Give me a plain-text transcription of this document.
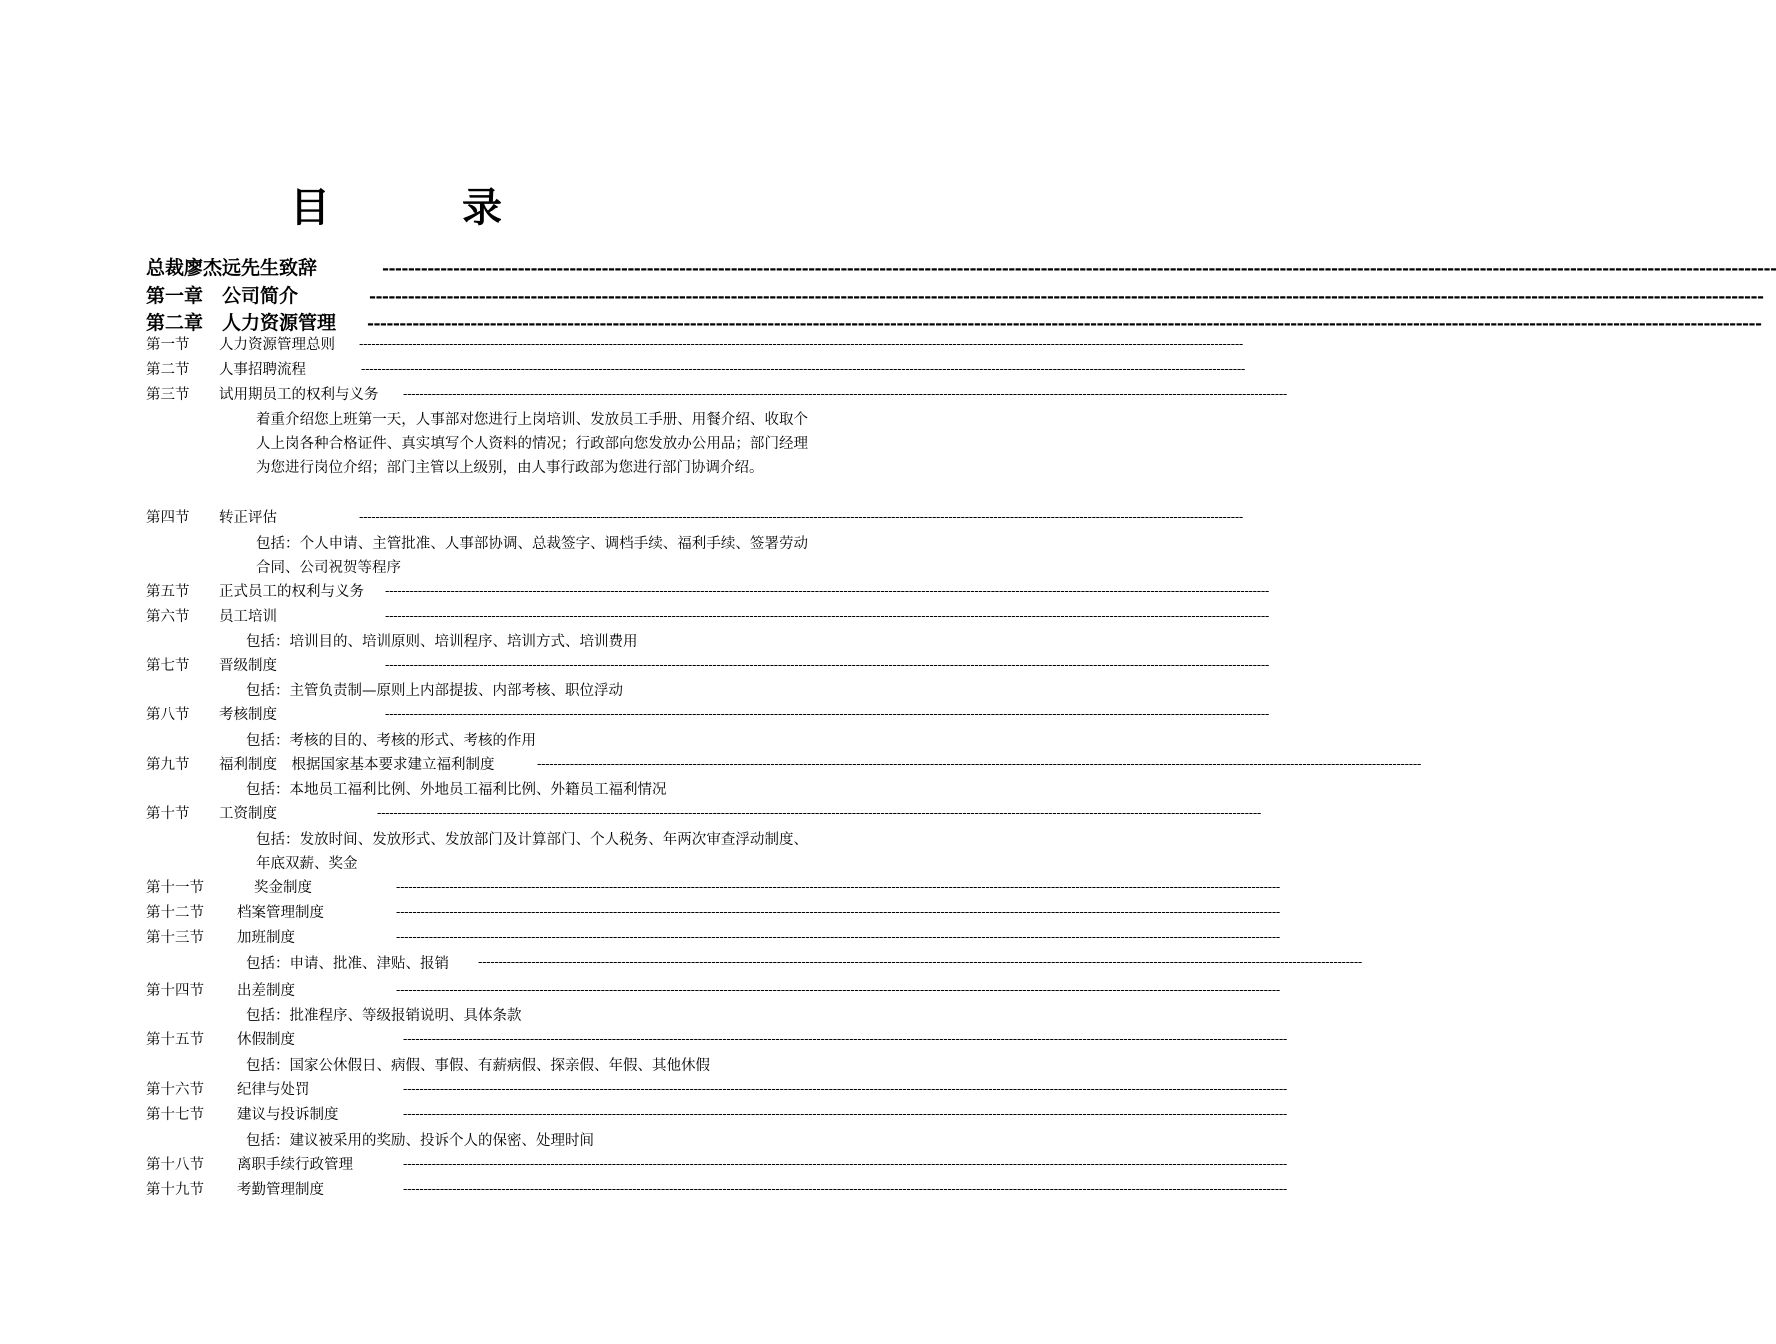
目　录
总裁廖杰远先生致辞	------------------------------------------------------------------------------------------------------------------------------------------------------------------------------------------------------------------------
第一章　公司简介	------------------------------------------------------------------------------------------------------------------------------------------------------------------------------------------------------------------------
第二章　人力资源管理 ------------------------------------------------------------------------------------------------------------------------------------------------------------------------------------------------------------------------
第一节 人力资源管理总则 ------------------------------------------------------------------------------------------------------------------------------------------------------------------------------------------------------------------------
第二节 人事招聘流程	------------------------------------------------------------------------------------------------------------------------------------------------------------------------------------------------------------------------
第三节 试用期员工的权利与义务 ------------------------------------------------------------------------------------------------------------------------------------------------------------------------------------------------------------------------
着重介绍您上班第一天，人事部对您进行上岗培训、发放员工手册、用餐介绍、收取个人上岗各种合格证件、真实填写个人资料的情况；行政部向您发放办公用品；部门经理为您进行岗位介绍；部门主管以上级别，由人事行政部为您进行部门协调介绍。
第四节 转正评估	------------------------------------------------------------------------------------------------------------------------------------------------------------------------------------------------------------------------
包括：个人申请、主管批准、人事部协调、总裁签字、调档手续、福利手续、签署劳动合同、公司祝贺等程序
第五节 正式员工的权利与义务 ------------------------------------------------------------------------------------------------------------------------------------------------------------------------------------------------------------------------
第六节 员工培训	------------------------------------------------------------------------------------------------------------------------------------------------------------------------------------------------------------------------
包括：培训目的、培训原则、培训程序、培训方式、培训费用
第七节 晋级制度	------------------------------------------------------------------------------------------------------------------------------------------------------------------------------------------------------------------------
包括：主管负责制—原则上内部提拔、内部考核、职位浮动
第八节 考核制度	------------------------------------------------------------------------------------------------------------------------------------------------------------------------------------------------------------------------
包括：考核的目的、考核的形式、考核的作用
第九节 福利制度　根据国家基本要求建立福利制度	------------------------------------------------------------------------------------------------------------------------------------------------------------------------------------------------------------------------
包括：本地员工福利比例、外地员工福利比例、外籍员工福利情况
第十节 工资制度	------------------------------------------------------------------------------------------------------------------------------------------------------------------------------------------------------------------------
包括：发放时间、发放形式、发放部门及计算部门、个人税务、年两次审查浮动制度、年底双薪、奖金
第十一节	奖金制度	------------------------------------------------------------------------------------------------------------------------------------------------------------------------------------------------------------------------
第十二节 档案管理制度	------------------------------------------------------------------------------------------------------------------------------------------------------------------------------------------------------------------------
第十三节 加班制度	------------------------------------------------------------------------------------------------------------------------------------------------------------------------------------------------------------------------
包括：申请、批准、津贴、报销 ------------------------------------------------------------------------------------------------------------------------------------------------------------------------------------------------------------------------
第十四节 出差制度	------------------------------------------------------------------------------------------------------------------------------------------------------------------------------------------------------------------------
包括：批准程序、等级报销说明、具体条款
第十五节 休假制度	------------------------------------------------------------------------------------------------------------------------------------------------------------------------------------------------------------------------
包括：国家公休假日、病假、事假、有薪病假、探亲假、年假、其他休假
第十六节 纪律与处罚	------------------------------------------------------------------------------------------------------------------------------------------------------------------------------------------------------------------------
第十七节 建议与投诉制度	------------------------------------------------------------------------------------------------------------------------------------------------------------------------------------------------------------------------
包括：建议被采用的奖励、投诉个人的保密、处理时间
第十八节 离职手续行政管理	------------------------------------------------------------------------------------------------------------------------------------------------------------------------------------------------------------------------
第十九节 考勤管理制度	------------------------------------------------------------------------------------------------------------------------------------------------------------------------------------------------------------------------
